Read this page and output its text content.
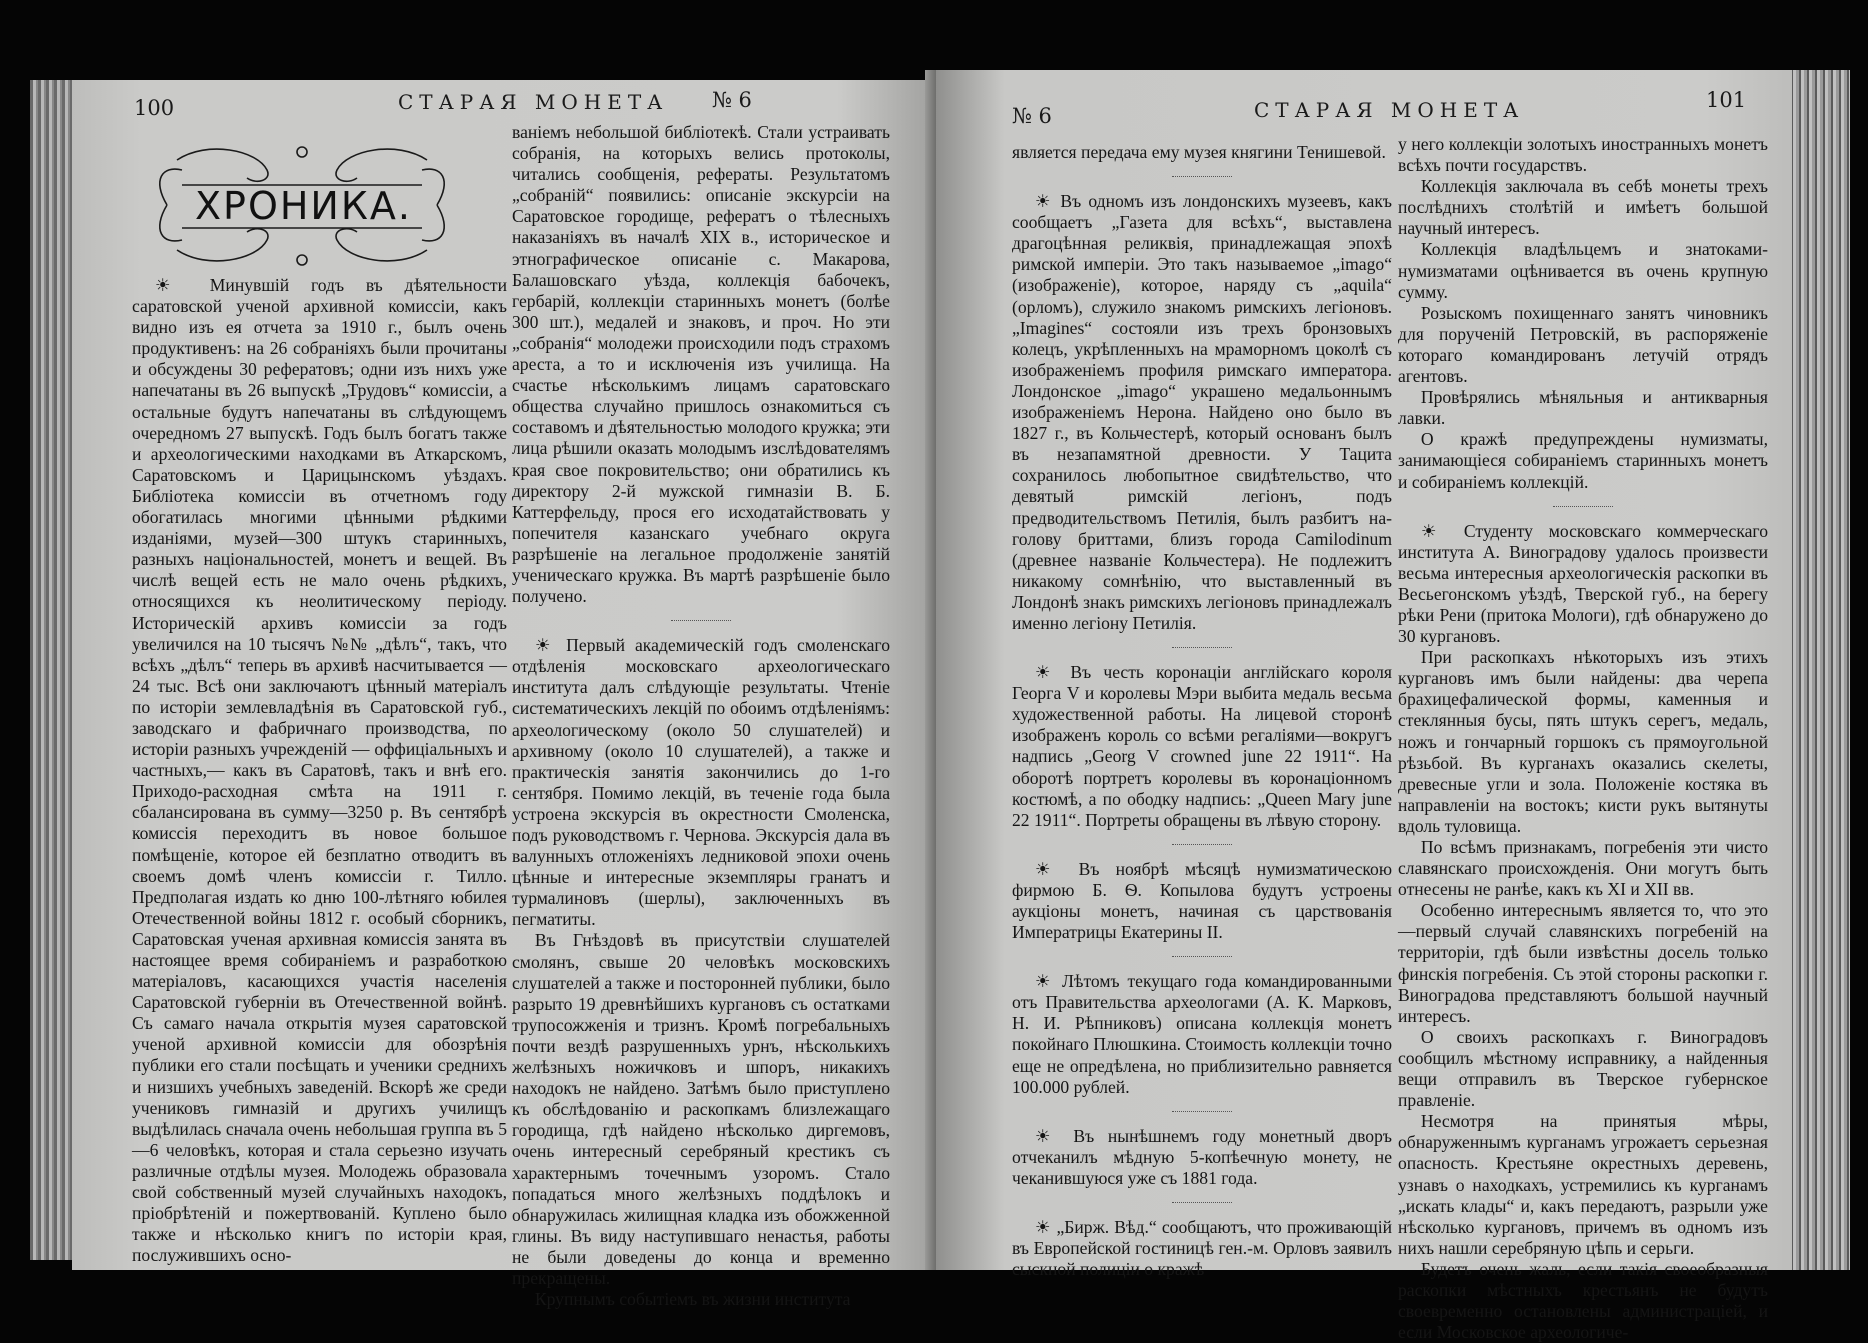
100	СТАРАЯ МОНЕТА № 6
ХРОНИКА.

☀ Минувшій годъ въ дѣятельности саратовской ученой архивной комиссіи, какъ видно изъ ея отчета за 1910 г., былъ очень продуктивенъ: на 26 собраніяхъ были прочитаны и обсуждены 30 рефератовъ; одни изъ нихъ уже напечатаны въ 26 выпускѣ „Трудовъ“ комиссіи, а остальные будутъ напечатаны въ слѣдующемъ очередномъ 27 выпускѣ. Годъ былъ богатъ также и археологическими находками въ Аткарскомъ, Саратовскомъ и Царицынскомъ уѣздахъ. Библіотека комиссіи въ отчетномъ году обогатилась многими цѣнными рѣдкими изданіями, музей—300 штукъ старинныхъ, разныхъ національностей, монетъ и вещей. Въ числѣ вещей есть не мало очень рѣдкихъ, относящихся къ неолитическому періоду. Историческій архивъ комиссіи за годъ увеличился на 10 тысячъ №№ „дѣлъ“, такъ, что всѣхъ „дѣлъ“ теперь въ архивѣ насчитывается — 24 тыс. Всѣ они заключаютъ цѣнный матеріалъ по исторіи землевладѣнія въ Саратовской губ., заводскаго и фабричнаго производства, по исторіи разныхъ учрежденій — оффиціальныхъ и частныхъ,— какъ въ Саратовѣ, такъ и внѣ его. Приходо-расходная смѣта на 1911 г. сбалансирована въ сумму—3250 р. Въ сентябрѣ комиссія переходитъ въ новое большое помѣщеніе, которое ей безплатно отводитъ въ своемъ домѣ членъ комиссіи г. Тилло. Предполагая издать ко дню 100-лѣтняго юбилея Отечественной войны 1812 г. особый сборникъ, Саратовская ученая архивная комиссія занята въ настоящее время собираніемъ и разработкою матеріаловъ, касающихся участія населенія Саратовской губерніи въ Отечественной войнѣ. Съ самаго начала открытія музея саратовской ученой архивной комиссіи для обозрѣнія публики его стали посѣщать и ученики среднихъ и низшихъ учебныхъ заведеній. Вскорѣ же среди учениковъ гимназій и другихъ училищъ выдѣлилась сначала очень небольшая группа въ 5—6 человѣкъ, которая и стала серьезно изучать различные отдѣлы музея. Молодежь образовала свой собственный музей случайныхъ находокъ, пріобрѣтеній и пожертвованій. Куплено было также и нѣсколько книгъ по исторіи края, послужившихъ осно-

ваніемъ небольшой библіотекѣ. Стали устраивать собранія, на которыхъ велись протоколы, читались сообщенія, рефераты. Результатомъ „собраній“ появились: описаніе экскурсіи на Саратовское городище, рефератъ о тѣлесныхъ наказаніяхъ въ началѣ XIX в., историческое и этнографическое описаніе с. Макарова, Балашовскаго уѣзда, коллекція бабочекъ, гербарій, коллекціи старинныхъ монетъ (болѣе 300 шт.), медалей и знаковъ, и проч. Но эти „собранія“ молодежи происходили подъ страхомъ ареста, а то и исключенія изъ училища. На счастье нѣсколькимъ лицамъ саратовскаго общества случайно пришлось ознакомиться съ составомъ и дѣятельностью молодого кружка; эти лица рѣшили оказать молодымъ изслѣдователямъ края свое покровительство; они обратились къ директору 2-й мужской гимназіи В. Б. Каттерфельду, прося его исходатайствовать у попечителя казанскаго учебнаго округа разрѣшеніе на легальное продолженіе занятій ученическаго кружка. Въ мартѣ разрѣшеніе было получено.

☀ Первый академическій годъ смоленскаго отдѣленія московскаго археологическаго института далъ слѣдующіе результаты. Чтеніе систематическихъ лекцій по обоимъ отдѣленіямъ: археологическому (около 50 слушателей) и архивному (около 10 слушателей), а также и практическія занятія закончились до 1-го сентября. Помимо лекцій, въ теченіе года была устроена экскурсія въ окрестности Смоленска, подъ руководствомъ г. Чернова. Экскурсія дала въ валунныхъ отложеніяхъ ледниковой эпохи очень цѣнные и интересные экземпляры гранатъ и турмалиновъ (шерлы), заключенныхъ въ пегматиты.

Въ Гнѣздовѣ въ присутствіи слушателей смолянъ, свыше 20 человѣкъ московскихъ слушателей а также и посторонней публики, было разрыто 19 древнѣйшихъ кургановъ съ остатками трупосожженія и тризнъ. Кромѣ погребальныхъ почти вездѣ разрушенныхъ урнъ, нѣсколькихъ желѣзныхъ ножичковъ и шпоръ, никакихъ находокъ не найдено. Затѣмъ было приступлено къ обслѣдованію и раскопкамъ близлежащаго городища, гдѣ найдено нѣсколько диргемовъ, очень интересный серебряный крестикъ съ характернымъ точечнымъ узоромъ. Стало попадаться много желѣзныхъ поддѣлокъ и обнаружилась жилищная кладка изъ обожженной глины. Въ виду наступившаго ненастья, работы не были доведены до конца и временно прекращены.

Крупнымъ событіемъ въ жизни института

№ 6	СТАРАЯ МОНЕТА	101

является передача ему музея княгини Тенишевой.

☀ Въ одномъ изъ лондонскихъ музеевъ, какъ сообщаетъ „Газета для всѣхъ“, выставлена драгоцѣнная реликвія, принадлежащая эпохѣ римской имперіи. Это такъ называемое „imago“ (изображеніе), которое, наряду съ „aquila“ (орломъ), служило знакомъ римскихъ легіоновъ. „Imagines“ состояли изъ трехъ бронзовыхъ колецъ, укрѣпленныхъ на мраморномъ цоколѣ съ изображеніемъ профиля римскаго императора. Лондонское „imago“ украшено медальоннымъ изображеніемъ Нерона. Найдено оно было въ 1827 г., въ Кольчестерѣ, который основанъ былъ въ незапамятной древности. У Тацита сохранилось любопытное свидѣтельство, что девятый римскій легіонъ, подъ предводительствомъ Петилія, былъ разбитъ на-голову бриттами, близъ города Camilodinum (древнее названіе Кольчестера). Не подлежитъ никакому сомнѣнію, что выставленный въ Лондонѣ знакъ римскихъ легіоновъ принадлежалъ именно легіону Петилія.

☀ Въ честь коронаціи англійскаго короля Георга V и королевы Мэри выбита медаль весьма художественной работы. На лицевой сторонѣ изображенъ король со всѣми регаліями—вокругъ надпись „Georg V crowned june 22 1911“. На оборотѣ портретъ королевы въ коронаціонномъ костюмѣ, а по ободку надпись: „Queen Mary june 22 1911“. Портреты обращены въ лѣвую сторону.

☀ Въ ноябрѣ мѣсяцѣ нумизматическою фирмою Б. Ѳ. Копылова будутъ устроены аукціоны монетъ, начиная съ царствованія Императрицы Екатерины II.

☀ Лѣтомъ текущаго года командированными отъ Правительства археологами (А. К. Марковъ, Н. И. Рѣпниковъ) описана коллекція монетъ покойнаго Плюшкина. Стоимость коллекціи точно еще не опредѣлена, но приблизительно равняется 100.000 рублей.

☀ Въ нынѣшнемъ году монетный дворъ отчеканилъ мѣдную 5-копѣечную монету, не чеканившуюся уже съ 1881 года.

☀ „Бирж. Вѣд.“ сообщаютъ, что проживающій въ Европейской гостиницѣ ген.-м. Орловъ заявилъ сыскной полиціи о кражѣ

у него коллекціи золотыхъ иностранныхъ монетъ всѣхъ почти государствъ.

Коллекція заключала въ себѣ монеты трехъ послѣднихъ столѣтій и имѣетъ большой научный интересъ.

Коллекція владѣльцемъ и знатоками-нумизматами оцѣнивается въ очень крупную сумму.

Розыскомъ похищеннаго занятъ чиновникъ для порученій Петровскій, въ распоряженіе котораго командированъ летучій отрядъ агентовъ.

Провѣрялись мѣняльныя и антикварныя лавки.

О кражѣ предупреждены нумизматы, занимающіеся собираніемъ старинныхъ монетъ и собираніемъ коллекцій.

☀ Студенту московскаго коммерческаго института А. Виноградову удалось произвести весьма интересныя археологическія раскопки въ Весьегонскомъ уѣздѣ, Тверской губ., на берегу рѣки Рени (притока Мологи), гдѣ обнаружено до 30 кургановъ.

При раскопкахъ нѣкоторыхъ изъ этихъ кургановъ имъ были найдены: два черепа брахицефалической формы, каменныя и стеклянныя бусы, пять штукъ серегъ, медаль, ножъ и гончарный горшокъ съ прямоугольной рѣзьбой. Въ курганахъ оказались скелеты, древесные угли и зола. Положеніе костяка въ направленіи на востокъ; кисти рукъ вытянуты вдоль туловища.

По всѣмъ признакамъ, погребенія эти чисто славянскаго происхожденія. Они могутъ быть отнесены не ранѣе, какъ къ XI и XII вв.

Особенно интереснымъ является то, что это—первый случай славянскихъ погребеній на территоріи, гдѣ были извѣстны досель только финскія погребенія. Съ этой стороны раскопки г. Виноградова представляютъ большой научный интересъ.

О своихъ раскопкахъ г. Виноградовъ сообщилъ мѣстному исправнику, а найденныя вещи отправилъ въ Тверское губернское правленіе.

Несмотря на принятыя мѣры, обнаруженнымъ курганамъ угрожаетъ серьезная опасность. Крестьяне окрестныхъ деревень, узнавъ о находкахъ, устремились къ курганамъ „искать клады“ и, какъ передаютъ, разрыли уже нѣсколько кургановъ, причемъ въ одномъ изъ нихъ нашли серебряную цѣпь и серьги.

Будетъ очень жаль, если такія своеобразныя раскопки мѣстныхъ крестьянъ не будутъ своевременно остановлены администраціей, и если Московское археологиче-
